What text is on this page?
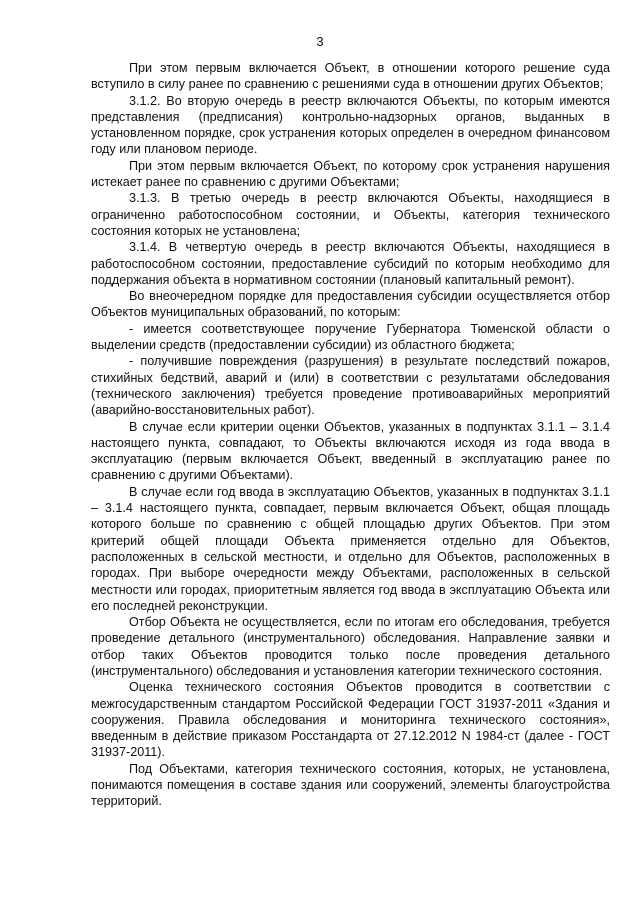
3

При этом первым включается Объект, в отношении которого решение суда вступило в силу ранее по сравнению с решениями суда в отношении других Объектов;

3.1.2. Во вторую очередь в реестр включаются Объекты, по которым имеются представления (предписания) контрольно-надзорных органов, выданных в установленном порядке, срок устранения которых определен в очередном финансовом году или плановом периоде.

При этом первым включается Объект, по которому срок устранения нарушения истекает ранее по сравнению с другими Объектами;

3.1.3. В третью очередь в реестр включаются Объекты, находящиеся в ограниченно работоспособном состоянии, и Объекты, категория технического состояния которых не установлена;

3.1.4. В четвертую очередь в реестр включаются Объекты, находящиеся в работоспособном состоянии, предоставление субсидий по которым необходимо для поддержания объекта в нормативном состоянии (плановый капитальный ремонт).

Во внеочередном порядке для предоставления субсидии осуществляется отбор Объектов муниципальных образований, по которым:

- имеется соответствующее поручение Губернатора Тюменской области о выделении средств (предоставлении субсидии) из областного бюджета;

- получившие повреждения (разрушения) в результате последствий пожаров, стихийных бедствий, аварий и (или) в соответствии с результатами обследования (технического заключения) требуется проведение противоаварийных мероприятий (аварийно-восстановительных работ).

В случае если критерии оценки Объектов, указанных в подпунктах 3.1.1 – 3.1.4 настоящего пункта, совпадают, то Объекты включаются исходя из года ввода в эксплуатацию (первым включается Объект, введенный в эксплуатацию ранее по сравнению с другими Объектами).

В случае если год ввода в эксплуатацию Объектов, указанных в подпунктах 3.1.1 – 3.1.4 настоящего пункта, совпадает, первым включается Объект, общая площадь которого больше по сравнению с общей площадью других Объектов. При этом критерий общей площади Объекта применяется отдельно для Объектов, расположенных в сельской местности, и отдельно для Объектов, расположенных в городах. При выборе очередности между Объектами, расположенных в сельской местности или городах, приоритетным является год ввода в эксплуатацию Объекта или его последней реконструкции.

Отбор Объекта не осуществляется, если по итогам его обследования, требуется проведение детального (инструментального) обследования. Направление заявки и отбор таких Объектов проводится только после проведения детального (инструментального) обследования и установления категории технического состояния.

Оценка технического состояния Объектов проводится в соответствии с межгосударственным стандартом Российской Федерации ГОСТ 31937-2011 «Здания и сооружения. Правила обследования и мониторинга технического состояния», введенным в действие приказом Росстандарта от 27.12.2012 N 1984-ст (далее - ГОСТ 31937-2011).

Под Объектами, категория технического состояния, которых, не установлена, понимаются помещения в составе здания или сооружений, элементы благоустройства территорий.
